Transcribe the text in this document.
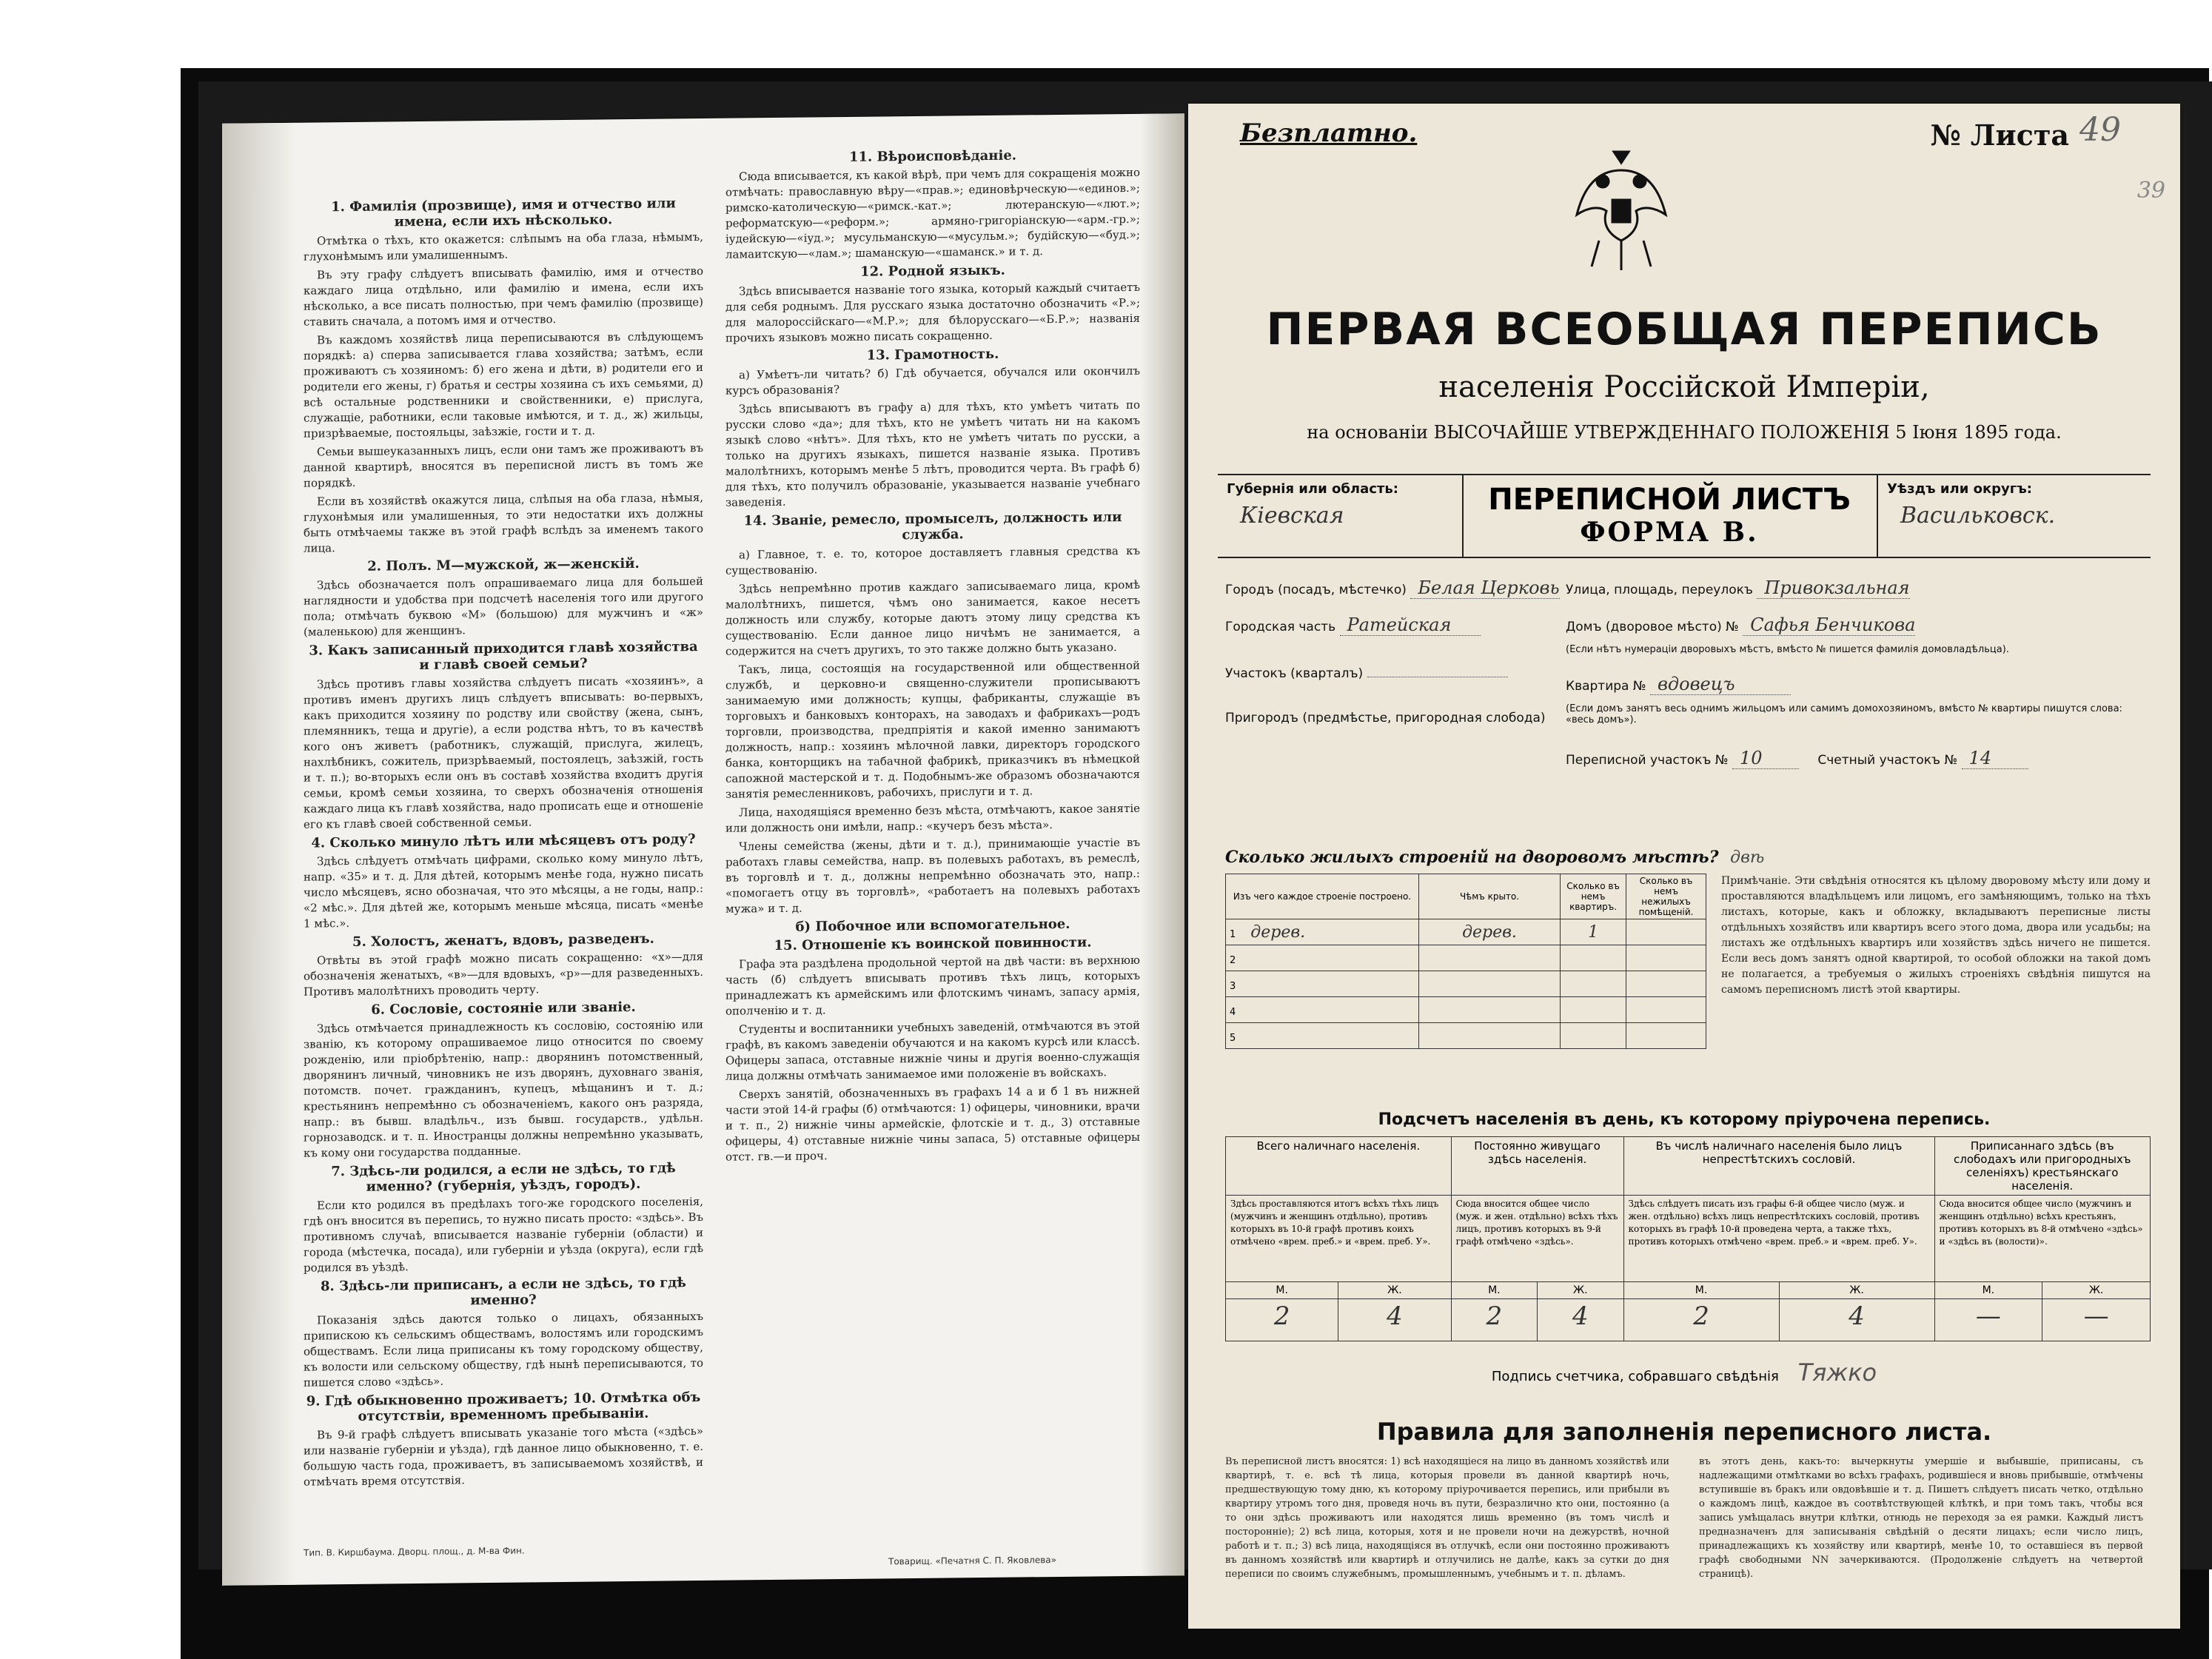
1. Фамилія (прозвище), имя и отчество или имена, если ихъ нѣсколько.

Отмѣтка о тѣхъ, кто окажется: слѣпымъ на оба глаза, нѣмымъ, глухонѣмымъ или умалишеннымъ.

Въ эту графу слѣдуетъ вписывать фамилію, имя и отчество каждаго лица отдѣльно, или фамилію и имена, если ихъ нѣсколько, а все писать полностью, при чемъ фамилію (прозвище) ставить сначала, а потомъ имя и отчество.

Въ каждомъ хозяйствѣ лица переписываются въ слѣдующемъ порядкѣ: а) сперва записывается глава хозяйства; затѣмъ, если проживаютъ съ хозяиномъ: б) его жена и дѣти, в) родители его и родители его жены, г) братья и сестры хозяина съ ихъ семьями, д) всѣ остальные родственники и свойственники, е) прислуга, служащіе, работники, если таковые имѣются, и т. д., ж) жильцы, призрѣваемые, постояльцы, заѣзжіе, гости и т. д.

Семьи вышеуказанныхъ лицъ, если они тамъ же проживаютъ въ данной квартирѣ, вносятся въ переписной листъ въ томъ же порядкѣ.

Если въ хозяйствѣ окажутся лица, слѣпыя на оба глаза, нѣмыя, глухонѣмыя или умалишенныя, то эти недостатки ихъ должны быть отмѣчаемы также въ этой графѣ вслѣдъ за именемъ такого лица.

2. Полъ. М—мужской, ж—женскій.

Здѣсь обозначается полъ опрашиваемаго лица для большей наглядности и удобства при подсчетѣ населенія того или другого пола; отмѣчать буквою «М» (большою) для мужчинъ и «ж» (маленькою) для женщинъ.

3. Какъ записанный приходится главѣ хозяйства и главѣ своей семьи?

Здѣсь противъ главы хозяйства слѣдуетъ писать «хозяинъ», а противъ именъ другихъ лицъ слѣдуетъ вписывать: во-первыхъ, какъ приходится хозяину по родству или свойству (жена, сынъ, племянникъ, теща и другіе), а если родства нѣтъ, то въ качествѣ кого онъ живетъ (работникъ, служащій, прислуга, жилецъ, нахлѣбникъ, сожитель, призрѣваемый, постоялецъ, заѣзжій, гость и т. п.); во-вторыхъ если онъ въ составѣ хозяйства входитъ другія семьи, кромѣ семьи хозяина, то сверхъ обозначенія отношенія каждаго лица къ главѣ хозяйства, надо прописать еще и отношеніе его къ главѣ своей собственной семьи.

4. Сколько минуло лѣтъ или мѣсяцевъ отъ роду?

Здѣсь слѣдуетъ отмѣчать цифрами, сколько кому минуло лѣтъ, напр. «35» и т. д. Для дѣтей, которымъ менѣе года, нужно писать число мѣсяцевъ, ясно обозначая, что это мѣсяцы, а не годы, напр.: «2 мѣс.». Для дѣтей же, которымъ меньше мѣсяца, писать «менѣе 1 мѣс.».

5. Холостъ, женатъ, вдовъ, разведенъ.

Отвѣты въ этой графѣ можно писать сокращенно: «х»—для обозначенія женатыхъ, «в»—для вдовыхъ, «р»—для разведенныхъ. Противъ малолѣтнихъ проводить черту.

6. Сословіе, состояніе или званіе.

Здѣсь отмѣчается принадлежность къ сословію, состоянію или званію, къ которому опрашиваемое лицо относится по своему рожденію, или пріобрѣтенію, напр.: дворянинъ потомственный, дворянинъ личный, чиновникъ не изъ дворянъ, духовнаго званія, потомств. почет. гражданинъ, купецъ, мѣщанинъ и т. д.; крестьянинъ непремѣнно съ обозначеніемъ, какого онъ разряда, напр.: въ бывш. владѣльч., изъ бывш. государств., удѣльн. горнозаводск. и т. п. Иностранцы должны непремѣнно указывать, къ кому они государства подданные.

7. Здѣсь-ли родился, а если не здѣсь, то гдѣ именно? (губернія, уѣздъ, городъ).

Если кто родился въ предѣлахъ того-же городского поселенія, гдѣ онъ вносится въ перепись, то нужно писать просто: «здѣсь». Въ противномъ случаѣ, вписывается названіе губерніи (области) и города (мѣстечка, посада), или губерніи и уѣзда (округа), если гдѣ родился въ уѣздѣ.

8. Здѣсь-ли приписанъ, а если не здѣсь, то гдѣ именно?

Показанія здѣсь даются только о лицахъ, обязанныхъ припискою къ сельскимъ обществамъ, волостямъ или городскимъ обществамъ. Если лица приписаны къ тому городскому обществу, къ волости или сельскому обществу, гдѣ нынѣ переписываются, то пишется слово «здѣсь».

9. Гдѣ обыкновенно проживаетъ; 10. Отмѣтка объ отсутствіи, временномъ пребываніи.

Въ 9-й графѣ слѣдуетъ вписывать указаніе того мѣста («здѣсь» или названіе губерніи и уѣзда), гдѣ данное лицо обыкновенно, т. е. большую часть года, проживаетъ, въ записываемомъ хозяйствѣ, и отмѣчать время отсутствія.

11. Вѣроисповѣданіе.

Сюда вписывается, къ какой вѣрѣ, при чемъ для сокращенія можно отмѣчать: православную вѣру—«прав.»; единовѣрческую—«единов.»; римско-католическую—«римск.-кат.»; лютеранскую—«лют.»; реформатскую—«реформ.»; армяно-григоріанскую—«арм.-гр.»; іудейскую—«іуд.»; мусульманскую—«мусульм.»; будійскую—«буд.»; ламаитскую—«лам.»; шаманскую—«шаманск.» и т. д.

12. Родной языкъ.

Здѣсь вписывается названіе того языка, который каждый считаетъ для себя роднымъ. Для русскаго языка достаточно обозначить «Р.»; для малороссійскаго—«М.Р.»; для бѣлорусскаго—«Б.Р.»; названія прочихъ языковъ можно писать сокращенно.

13. Грамотность.

а) Умѣетъ-ли читать? б) Гдѣ обучается, обучался или окончилъ курсъ образованія?

Здѣсь вписываютъ въ графу а) для тѣхъ, кто умѣетъ читать по русски слово «да»; для тѣхъ, кто не умѣетъ читать ни на какомъ языкѣ слово «нѣтъ». Для тѣхъ, кто не умѣетъ читать по русски, а только на другихъ языкахъ, пишется названіе языка. Противъ малолѣтнихъ, которымъ менѣе 5 лѣтъ, проводится черта. Въ графѣ б) для тѣхъ, кто получилъ образованіе, указывается названіе учебнаго заведенія.

14. Званіе, ремесло, промыселъ, должность или служба.

а) Главное, т. е. то, которое доставляетъ главныя средства къ существованію.

Здѣсь непремѣнно против каждаго записываемаго лица, кромѣ малолѣтнихъ, пишется, чѣмъ оно занимается, какое несетъ должность или службу, которые даютъ этому лицу средства къ существованію. Если данное лицо ничѣмъ не занимается, а содержится на счетъ другихъ, то это также должно быть указано.

Такъ, лица, состоящія на государственной или общественной службѣ, и церковно-и священно-служители прописываютъ занимаемую ими должность; купцы, фабриканты, служащіе въ торговыхъ и банковыхъ конторахъ, на заводахъ и фабрикахъ—родъ торговли, производства, предпріятія и какой именно занимаютъ должность, напр.: хозяинъ мѣлочной лавки, директоръ городского банка, конторщикъ на табачной фабрикѣ, приказчикъ въ нѣмецкой сапожной мастерской и т. д. Подобнымъ-же образомъ обозначаются занятія ремесленниковъ, рабочихъ, прислуги и т. д.

Лица, находящіяся временно безъ мѣста, отмѣчаютъ, какое занятіе или должность они имѣли, напр.: «кучеръ безъ мѣста».

Члены семейства (жены, дѣти и т. д.), принимающіе участіе въ работахъ главы семейства, напр. въ полевыхъ работахъ, въ ремеслѣ, въ торговлѣ и т. д., должны непремѣнно обозначать это, напр.: «помогаетъ отцу въ торговлѣ», «работаетъ на полевыхъ работахъ мужа» и т. д.

б) Побочное или вспомогательное.
15. Отношеніе къ воинской повинности.

Графа эта раздѣлена продольной чертой на двѣ части: въ верхнюю часть (б) слѣдуетъ вписывать противъ тѣхъ лицъ, которыхъ принадлежатъ къ армейскимъ или флотскимъ чинамъ, запасу армія, ополченію и т. д.

Студенты и воспитанники учебныхъ заведеній, отмѣчаются въ этой графѣ, въ какомъ заведеніи обучаются и на какомъ курсѣ или классѣ. Офицеры запаса, отставные нижніе чины и другія военно-служащія лица должны отмѣчать занимаемое ими положеніе въ войскахъ.

Сверхъ занятій, обозначенныхъ въ графахъ 14 а и б 1 въ нижней части этой 14-й графы (б) отмѣчаются: 1) офицеры, чиновники, врачи и т. п., 2) нижніе чины армейскіе, флотскіе и т. д., 3) отставные офицеры, 4) отставные нижніе чины запаса, 5) отставные офицеры отст. гв.—и проч.

Тип. В. Киршбаума. Дворц. площ., д. М-ва Фин.
Товарищ. «Печатня С. П. Яковлева»
Безплатно.	№ Листа 49
39
ПЕРВАЯ ВСЕОБЩАЯ ПЕРЕПИСЬ
населенія Россійской Имперіи,
на основаніи ВЫСОЧАЙШЕ УТВЕРЖДЕННАГО ПОЛОЖЕНІЯ 5 Іюня 1895 года.
Губернія или область:
Кіевская	ПЕРЕПИСНОЙ ЛИСТЪ
ФОРМА В.
Уѣздъ или округъ:
Васильковск.
Городъ (посадъ, мѣстечко) Белая Церковь
Городская часть Ратейская
Участокъ (кварталъ)
Пригородъ (предмѣстье, пригородная слобода)
Улица, площадь, переулокъ Привокзальная
Домъ (дворовое мѣсто) № Сафья Бенчикова
(Если нѣтъ нумераціи дворовыхъ мѣстъ, вмѣсто № пишется фамилія домовладѣльца).
Квартира № вдовецъ
(Если домъ занятъ весь однимъ жильцомъ или самимъ домохозяиномъ, вмѣсто № квартиры пишутся слова: «весь домъ»).
Переписной участокъ № 10	Счетный участокъ № 14
Сколько жилыхъ строеній на дворовомъ мѣстѣ? двѣ
Изъ чего каждое строеніе построено.	Чѣмъ крыто.	Сколько въ немъ квартиръ.	Сколько въ немъ нежилыхъ помѣщеній.
1 дерев.	дерев.	1	
2			
3			
4			
5			
Примѣчаніе. Эти свѣдѣнія относятся къ цѣлому дворовому мѣсту или дому и проставляются владѣльцемъ или лицомъ, его замѣняющимъ, только на тѣхъ листахъ, которые, какъ и обложку, вкладываютъ переписные листы отдѣльныхъ хозяйствъ или квартиръ всего этого дома, двора или усадьбы; на листахъ же отдѣльныхъ квартиръ или хозяйствъ здѣсь ничего не пишется. Если весь домъ занятъ одной квартирой, то особой обложки на такой домъ не полагается, а требуемыя о жилыхъ строеніяхъ свѣдѣнія пишутся на самомъ переписномъ листѣ этой квартиры.
Подсчетъ населенія въ день, къ которому пріурочена перепись.
Всего наличнаго населенія.		Постоянно живущаго здѣсь населенія.		Въ числѣ наличнаго населенія было лицъ непрестѣтскихъ сословій.		Приписаннаго здѣсь (въ слободахъ или пригородныхъ селеніяхъ) крестьянскаго населенія.	
Здѣсь проставляются итогъ всѣхъ тѣхъ лицъ (мужчинъ и женщинъ отдѣльно), противъ которыхъ въ 10-й графѣ противъ коихъ отмѣчено «врем. преб.» и «врем. преб. У».		Сюда вносится общее число (муж. и жен. отдѣльно) всѣхъ тѣхъ лицъ, противъ которыхъ въ 9-й графѣ отмѣчено «здѣсь».		Здѣсь слѣдуетъ писать изъ графы 6-й общее число (муж. и жен. отдѣльно) всѣхъ лицъ непрестѣтскихъ сословій, противъ которыхъ въ графѣ 10-й проведена черта, а также тѣхъ, противъ которыхъ отмѣчено «врем. преб.» и «врем. преб. У».		Сюда вносится общее число (мужчинъ и женщинъ отдѣльно) всѣхъ крестьянъ, противъ которыхъ въ 8-й отмѣчено «здѣсь» и «здѣсь въ (волости)».	
М.	Ж.	М.	Ж.	М.	Ж.	М.	Ж.
2	4	2	4	2	4	—	—
Подпись счетчика, собравшаго свѣдѣнія Тяжко
Правила для заполненія переписного листа.
Въ переписной листъ вносятся: 1) всѣ находящіеся на лицо въ данномъ хозяйствѣ или квартирѣ, т. е. всѣ тѣ лица, которыя провели въ данной квартирѣ ночь, предшествующую тому дню, къ которому пріурочивается перепись, или прибыли въ квартиру утромъ того дня, проведя ночь въ пути, безразлично кто они, постоянно (а то они здѣсь проживаютъ или находятся лишь временно (въ томъ числѣ и посторонніе); 2) всѣ лица, которыя, хотя и не провели ночи на дежурствѣ, ночной работѣ и т. п.; 3) всѣ лица, находящіяся въ отлучкѣ, если они постоянно проживаютъ въ данномъ хозяйствѣ или квартирѣ и отлучились не далѣе, какъ за сутки до дня переписи по своимъ служебнымъ, промышленнымъ, учебнымъ и т. п. дѣламъ.
въ этотъ день, какъ-то: вычеркнуты умершіе и выбывшіе, приписаны, съ надлежащими отмѣтками во всѣхъ графахъ, родившіеся и вновь прибывшіе, отмѣчены вступившіе въ бракъ или овдовѣвшіе и т. д. Пишетъ слѣдуетъ писать четко, отдѣльно о каждомъ лицѣ, каждое въ соотвѣтствующей клѣткѣ, и при томъ такъ, чтобы вся запись умѣщалась внутри клѣтки, отнюдь не переходя за ея рамки. Каждый листъ предназначенъ для записыванія свѣдѣній о десяти лицахъ; если число лицъ, принадлежащихъ къ хозяйству или квартирѣ, менѣе 10, то оставшіеся въ первой графѣ свободными NN зачеркиваются. (Продолженіе слѣдуетъ на четвертой страницѣ).
